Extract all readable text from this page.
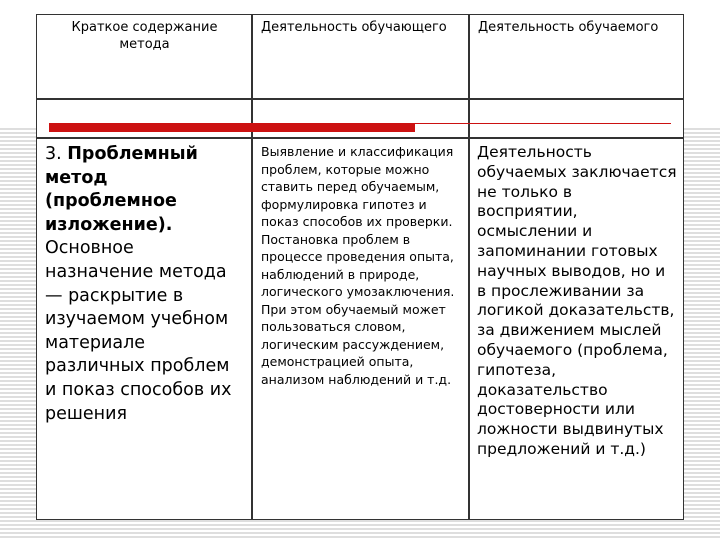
Краткое содержание метода
Деятельность обучающего	Деятельность обучаемого
3. Проблемный метод (проблемное изложение). Основное назначение метода — раскрытие в изучаемом учебном материале различных проблем и показ способов их решения
Выявление и классификация проблем, которые можно ставить перед обучаемым, формулировка гипотез и показ способов их проверки. Постановка проблем в процессе проведения опыта, наблюдений в природе, логического умозаключения. При этом обучаемый может пользоваться словом, логическим рассуждением, демонстрацией опыта, анализом наблюдений и т.д.
Деятельность обучаемых заключается не только в восприятии, осмыслении и запоминании готовых научных выводов, но и в прослеживании за логикой доказательств, за движением мыслей обучаемого (проблема, гипотеза, доказательство достоверности или ложности выдвинутых предложений и т.д.)
